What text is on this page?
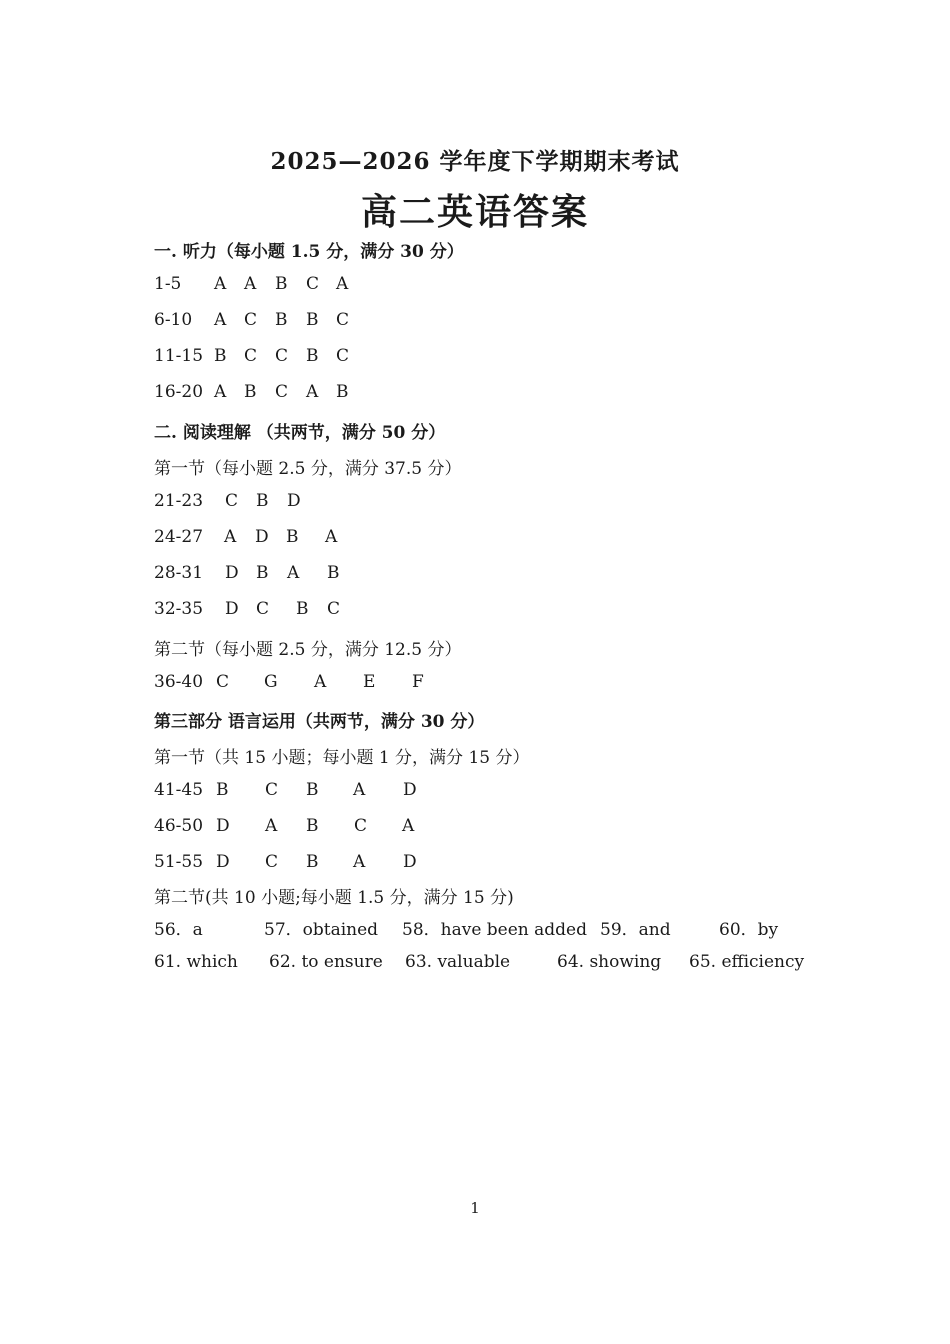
2025—2026 学年度下学期期末考试
高二英语答案
一. 听力（每小题 1.5 分，满分 30 分）
1-5 A A B C A
6-10 A C B B C
11-15 B C C B C
16-20 A B C A B
二. 阅读理解 （共两节，满分 50 分）
第一节（每小题 2.5 分，满分 37.5 分）
21-23 C B D
24-27 A D B A
28-31 D B A B
32-35 D C B C
第二节（每小题 2.5 分，满分 12.5 分）
36-40 C G A E F
第三部分 语言运用（共两节，满分 30 分）
第一节（共 15 小题；每小题 1 分，满分 15 分）
41-45 B C B A D
46-50 D A B C A
51-55 D C B A D
第二节(共 10 小题;每小题 1.5 分，满分 15 分)
56．a	57．obtained 58．have been added 59．and	60．by
61. which 62. to ensure 63. valuable	64. showing 65. efficiency
1
